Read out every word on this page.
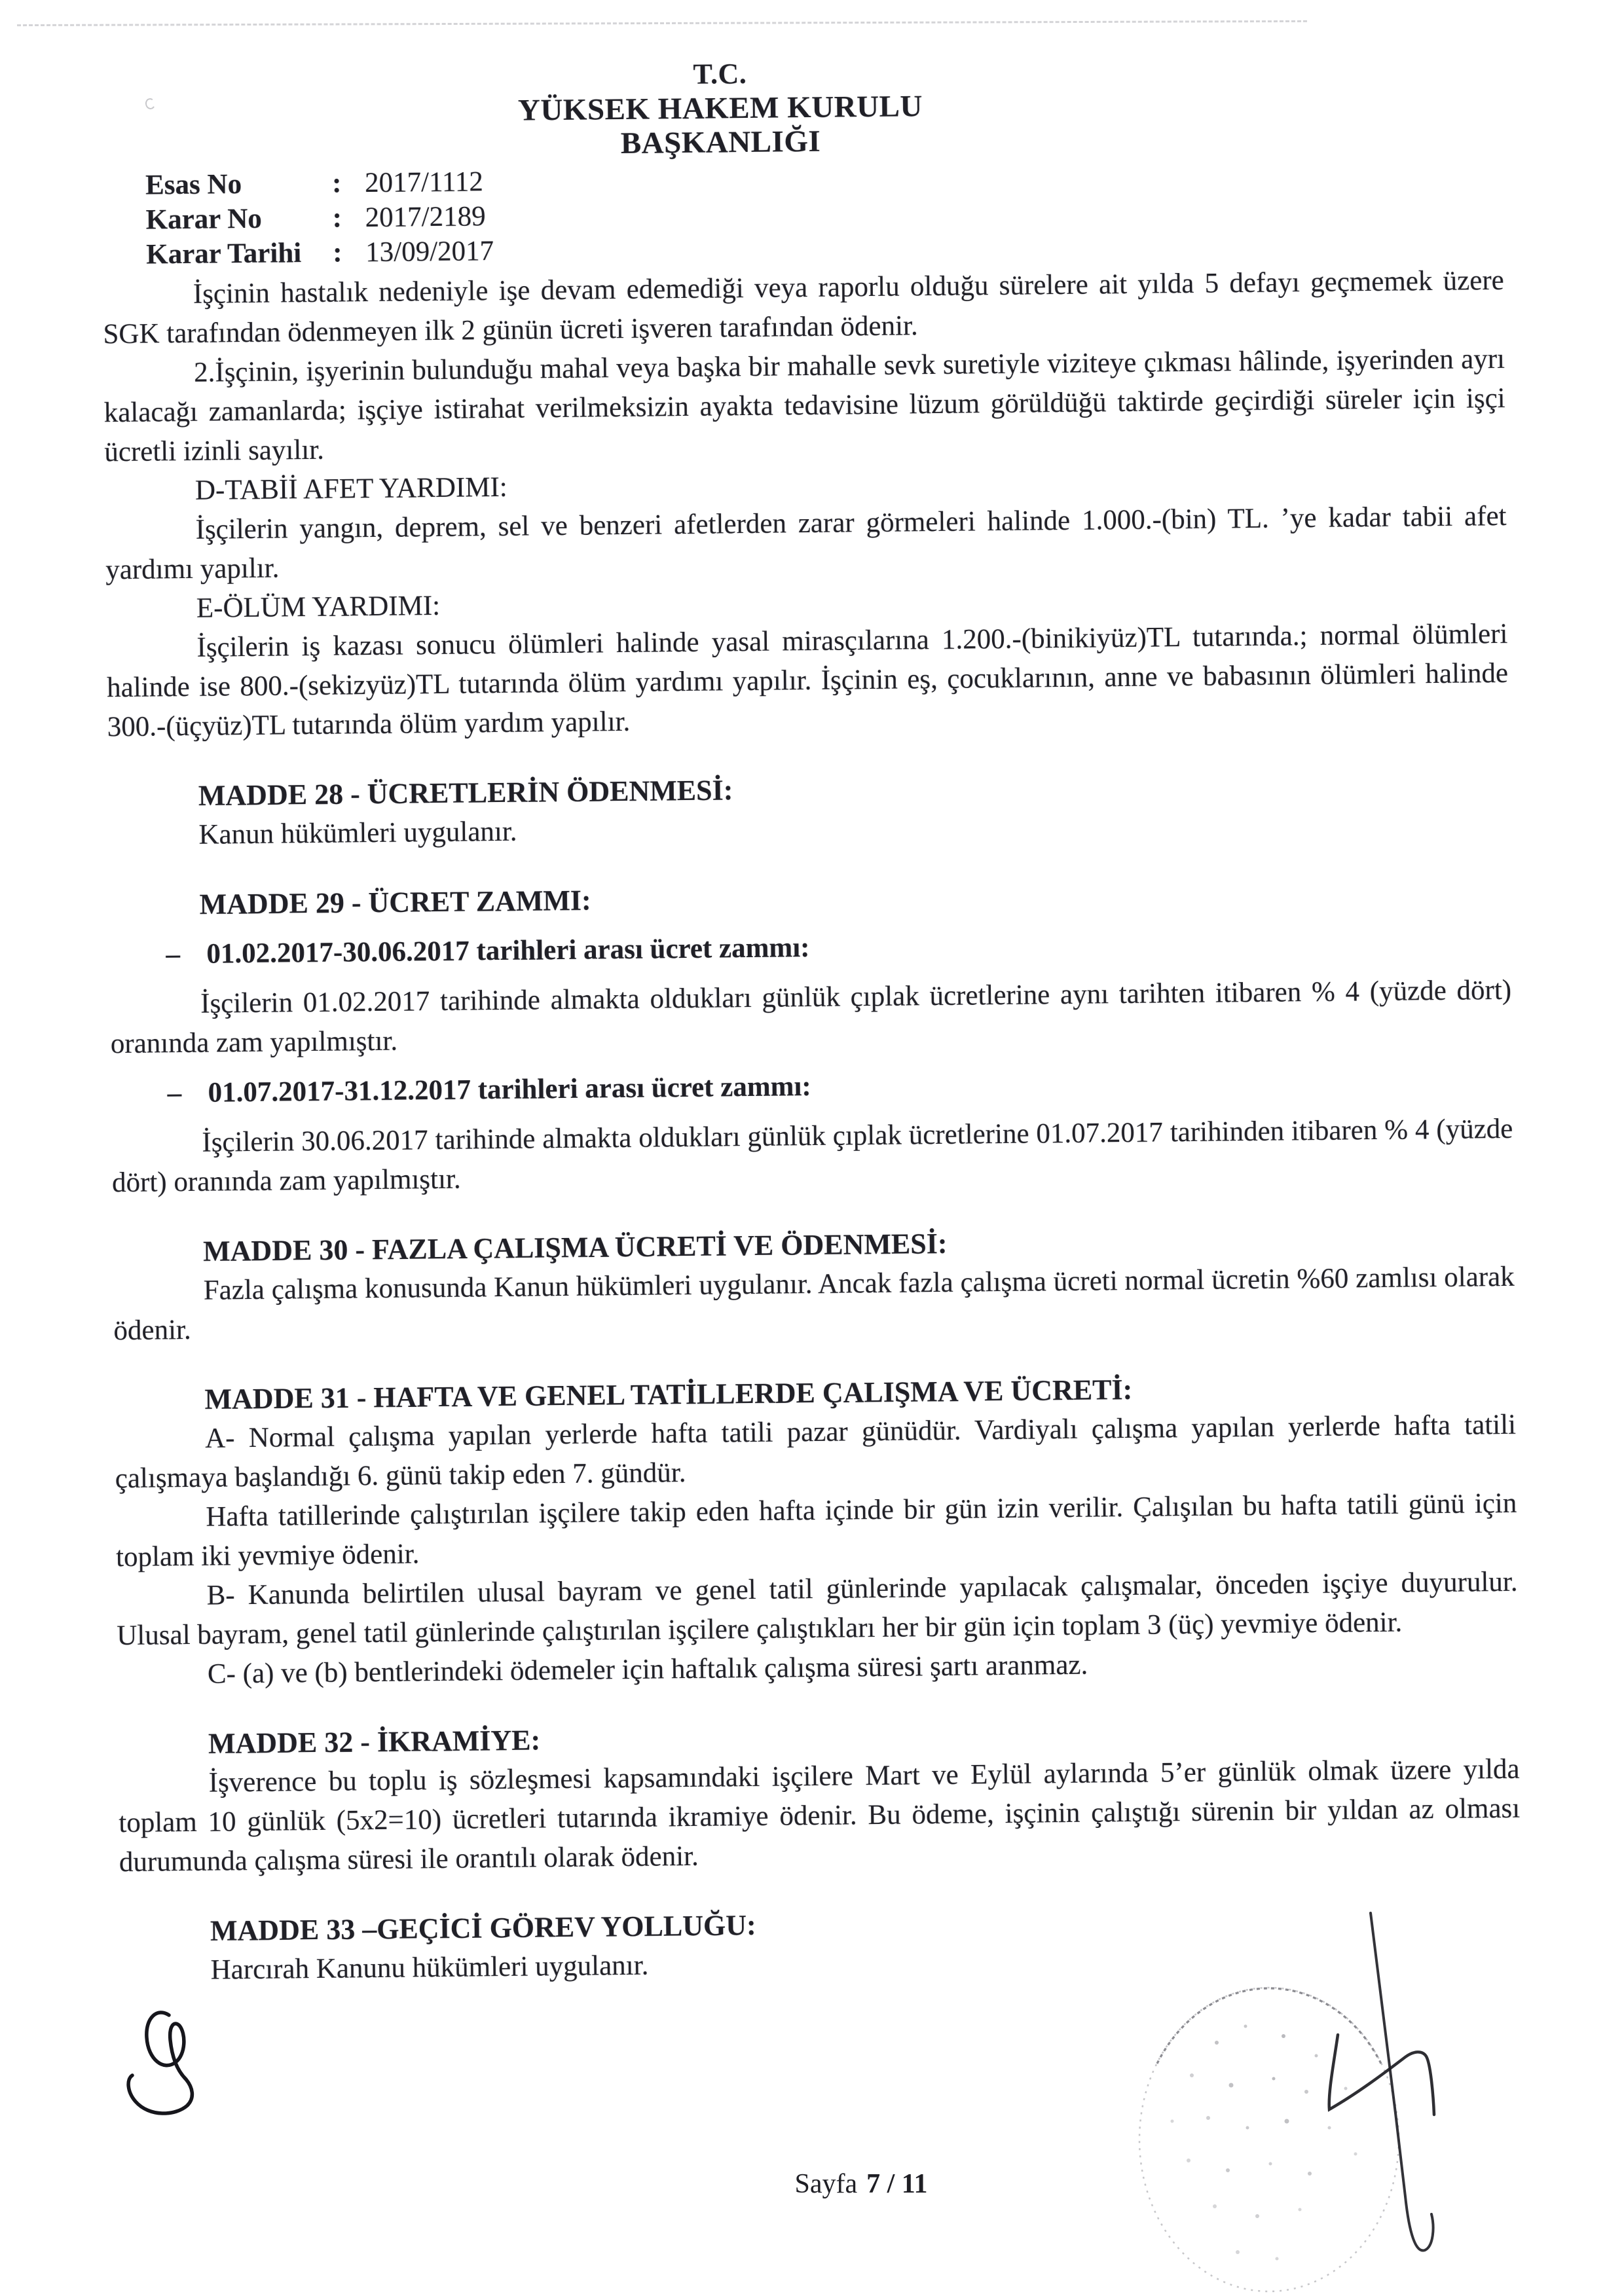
T.C.
YÜKSEK HAKEM KURULU
BAŞKANLIĞI
Esas No	: 2017/1112
Karar No : 2017/2189
Karar Tarihi : 13/09/2017

İşçinin hastalık nedeniyle işe devam edemediği veya raporlu olduğu sürelere ait yılda 5 defayı geçmemek üzere SGK tarafından ödenmeyen ilk 2 günün ücreti işveren tarafından ödenir.

2.İşçinin, işyerinin bulunduğu mahal veya başka bir mahalle sevk suretiyle viziteye çıkması hâlinde, işyerinden ayrı kalacağı zamanlarda; işçiye istirahat verilmeksizin ayakta tedavisine lüzum görüldüğü taktirde geçirdiği süreler için işçi ücretli izinli sayılır.

D-TABİİ AFET YARDIMI:

İşçilerin yangın, deprem, sel ve benzeri afetlerden zarar görmeleri halinde 1.000.-(bin) TL. ’ye kadar tabii afet yardımı yapılır.

E-ÖLÜM YARDIMI:

İşçilerin iş kazası sonucu ölümleri halinde yasal mirasçılarına 1.200.-(binikiyüz)TL tutarında.; normal ölümleri halinde ise 800.-(sekizyüz)TL tutarında ölüm yardımı yapılır. İşçinin eş, çocuklarının, anne ve babasının ölümleri halinde 300.-(üçyüz)TL tutarında ölüm yardım yapılır.

MADDE 28 - ÜCRETLERİN ÖDENMESİ:

Kanun hükümleri uygulanır.

MADDE 29 - ÜCRET ZAMMI:

– 01.02.2017-30.06.2017 tarihleri arası ücret zammı:

İşçilerin 01.02.2017 tarihinde almakta oldukları günlük çıplak ücretlerine aynı tarihten itibaren % 4 (yüzde dört) oranında zam yapılmıştır.

– 01.07.2017-31.12.2017 tarihleri arası ücret zammı:

İşçilerin 30.06.2017 tarihinde almakta oldukları günlük çıplak ücretlerine 01.07.2017 tarihinden itibaren % 4 (yüzde dört) oranında zam yapılmıştır.

MADDE 30 - FAZLA ÇALIŞMA ÜCRETİ VE ÖDENMESİ:

Fazla çalışma konusunda Kanun hükümleri uygulanır. Ancak fazla çalışma ücreti normal ücretin %60 zamlısı olarak ödenir.

MADDE 31 - HAFTA VE GENEL TATİLLERDE ÇALIŞMA VE ÜCRETİ:

A- Normal çalışma yapılan yerlerde hafta tatili pazar günüdür. Vardiyalı çalışma yapılan yerlerde hafta tatili çalışmaya başlandığı 6. günü takip eden 7. gündür.

Hafta tatillerinde çalıştırılan işçilere takip eden hafta içinde bir gün izin verilir. Çalışılan bu hafta tatili günü için toplam iki yevmiye ödenir.

B- Kanunda belirtilen ulusal bayram ve genel tatil günlerinde yapılacak çalışmalar, önceden işçiye duyurulur. Ulusal bayram, genel tatil günlerinde çalıştırılan işçilere çalıştıkları her bir gün için toplam 3 (üç) yevmiye ödenir.

C- (a) ve (b) bentlerindeki ödemeler için haftalık çalışma süresi şartı aranmaz.

MADDE 32 - İKRAMİYE:

İşverence bu toplu iş sözleşmesi kapsamındaki işçilere Mart ve Eylül aylarında 5’er günlük olmak üzere yılda toplam 10 günlük (5x2=10) ücretleri tutarında ikramiye ödenir. Bu ödeme, işçinin çalıştığı sürenin bir yıldan az olması durumunda çalışma süresi ile orantılı olarak ödenir.

MADDE 33 –GEÇİCİ GÖREV YOLLUĞU:

Harcırah Kanunu hükümleri uygulanır.

Sayfa 7 / 11
